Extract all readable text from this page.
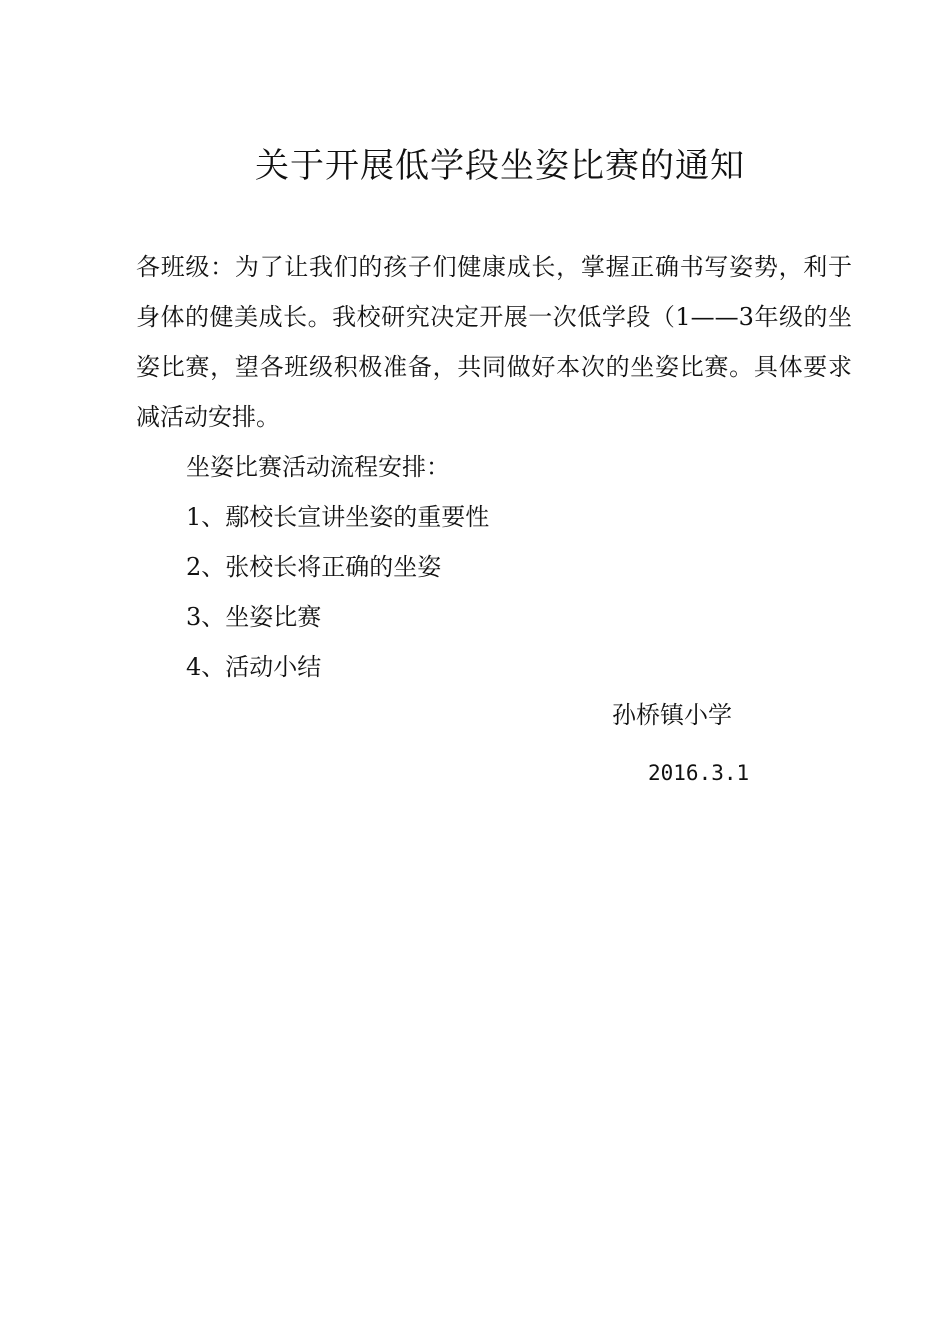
关于开展低学段坐姿比赛的通知
各班级：为了让我们的孩子们健康成长，掌握正确书写姿势，利于身体的健美成长。我校研究决定开展一次低学段（1——3年级的坐姿比赛，望各班级积极准备，共同做好本次的坐姿比赛。具体要求减活动安排。
坐姿比赛活动流程安排：
1、鄢校长宣讲坐姿的重要性
2、张校长将正确的坐姿
3、坐姿比赛
4、活动小结
孙桥镇小学
2016.3.1
